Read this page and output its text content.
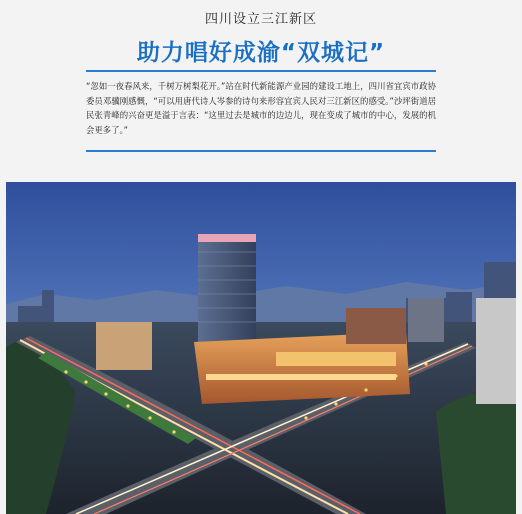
四川设立三江新区
助力唱好成渝“双城记”

“忽如一夜春风来，千树万树梨花开。”站在时代新能源产业园的建设工地上，四川省宜宾市政协委员邓骥刚感慨，“可以用唐代诗人岑参的诗句来形容宜宾人民对三江新区的感受。”沙坪街道居民张青峰的兴奋更是溢于言表：“这里过去是城市的边边儿，现在变成了城市的中心，发展的机会更多了。”
